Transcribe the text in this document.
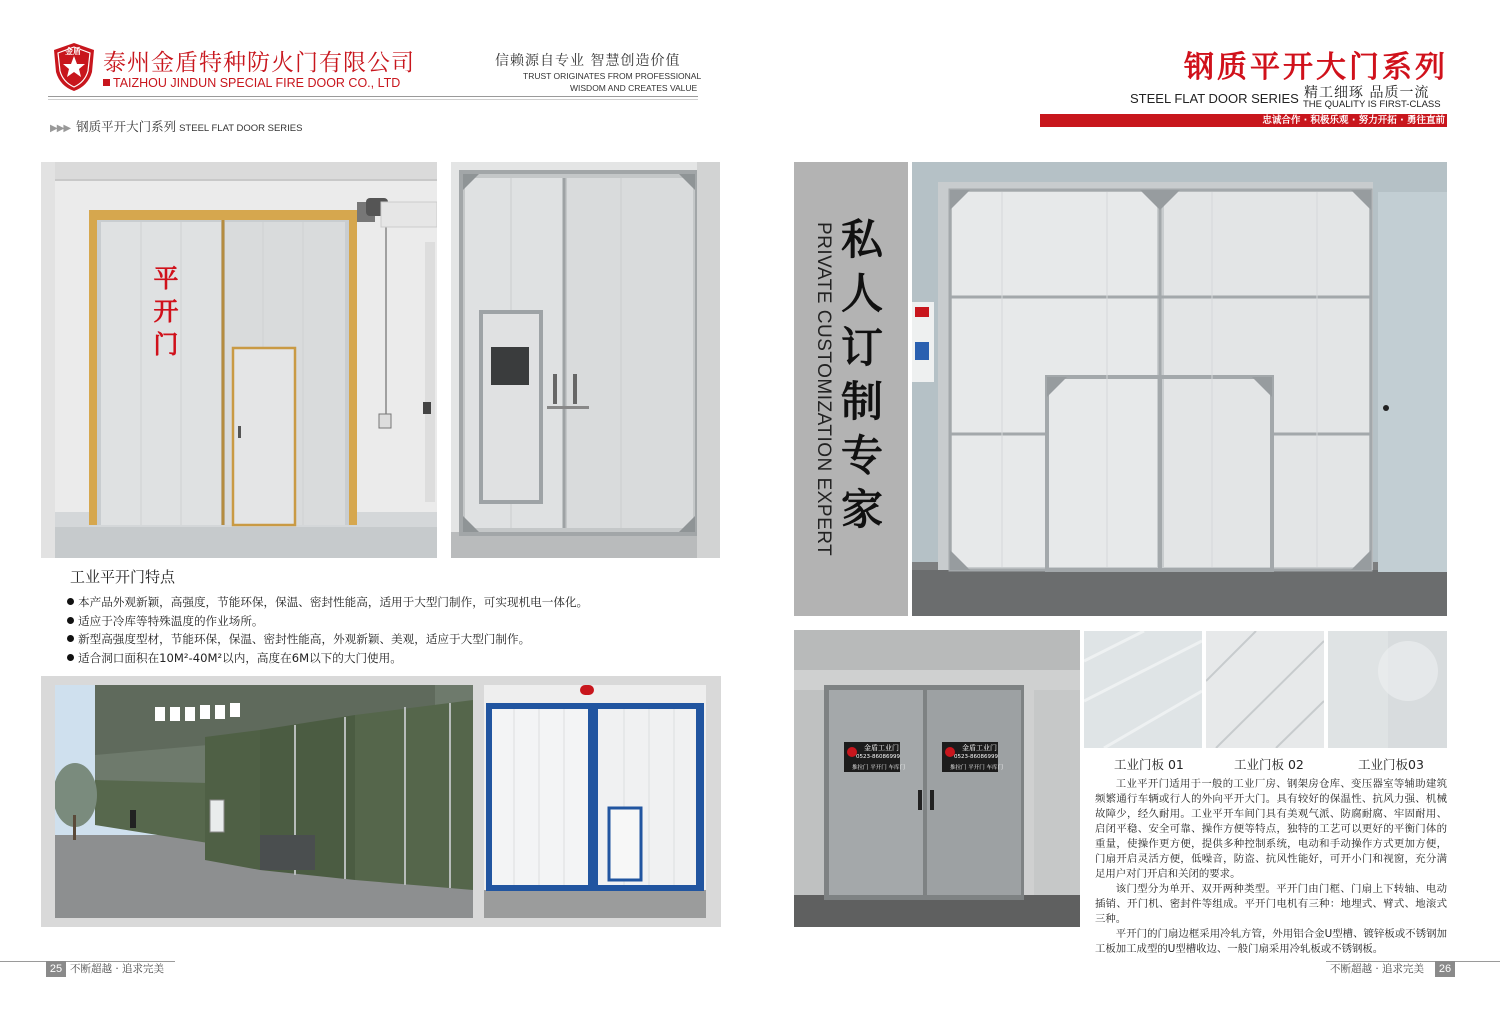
金盾 泰州金盾特种防火门有限公司
TAIZHOU JINDUN SPECIAL FIRE DOOR CO., LTD
信赖源自专业 智慧创造价值
TRUST ORIGINATES FROM PROFESSIONAL
WISDOM AND CREATES VALUE
▶▶▶ 钢质平开大门系列 STEEL FLAT DOOR SERIES
钢质平开大门系列
STEEL FLAT DOOR SERIES 精工细琢 品质一流
THE QUALITY IS FIRST-CLASS
忠诚合作 · 积极乐观 · 努力开拓 · 勇往直前
平开门
工业平开门特点
本产品外观新颖，高强度，节能环保，保温、密封性能高，适用于大型门制作，可实现机电一体化。
适应于冷库等特殊温度的作业场所。
新型高强度型材，节能环保，保温、密封性能高，外观新颖、美观，适应于大型门制作。
适合洞口面积在10M²-40M²以内，高度在6M以下的大门使用。
PRIVATE CUSTOMIZATION EXPERT 私人订制专家
金盾工业门
0523-86086999
推拉门 平开门 车库门
金盾工业门
0523-86086999
推拉门 平开门 车库门	工业门板 01	工业门板 02	工业门板03

工业平开门适用于一般的工业厂房、钢架房仓库、变压器室等辅助建筑频繁通行车辆或行人的外向平开大门。具有较好的保温性、抗风力强、机械故障少，经久耐用。工业平开车间门具有美观气派、防腐耐腐、牢固耐用、启闭平稳、安全可靠、操作方便等特点，独特的工艺可以更好的平衡门体的重量，使操作更方便，提供多种控制系统，电动和手动操作方式更加方便，门扇开启灵活方便，低噪音，防盗、抗风性能好，可开小门和视窗，充分满足用户对门开启和关闭的要求。

该门型分为单开、双开两种类型。平开门由门框、门扇上下转轴、电动插销、开门机、密封件等组成。平开门电机有三种：地埋式、臂式、地滚式三种。

平开门的门扇边框采用冷轧方管，外用铝合金U型槽、镀锌板或不锈钢加工板加工成型的U型槽收边、一般门扇采用冷轧板或不锈钢板。

25 不断超越 · 追求完美	不断超越 · 追求完美	26
